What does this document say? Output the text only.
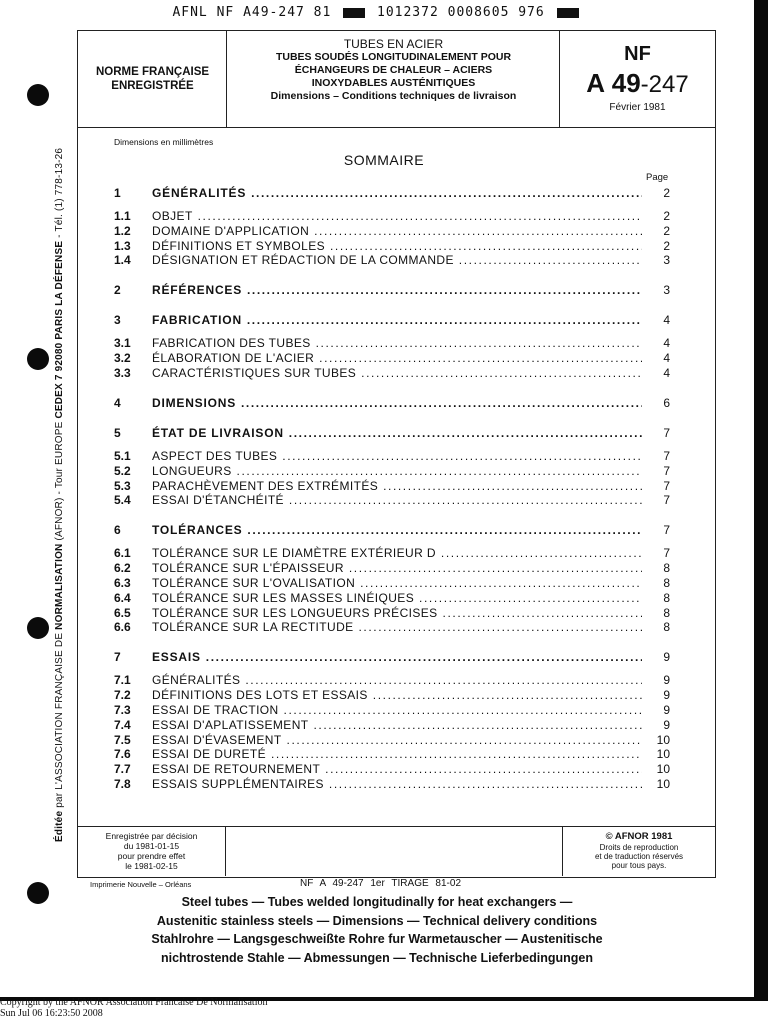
AFNL NF A49-247 81	1012372 0008605 976
Éditée par L'ASSOCIATION FRANÇAISE DE NORMALISATION (AFNOR) - Tour EUROPE CEDEX 7 92080 PARIS LA DÉFENSE - Tél. (1) 778-13-26
NORME FRANÇAISE
ENREGISTRÉE
TUBES EN ACIER
TUBES SOUDÉS LONGITUDINALEMENT POUR
ÉCHANGEURS DE CHALEUR – ACIERS
INOXYDABLES AUSTÉNITIQUES
Dimensions – Conditions techniques de livraison
NF
A 49-247
Février 1981
Dimensions en millimètres
SOMMAIRE
Page
1	GÉNÉRALITÉS .....	2
1.1 OBJET .....	2
1.2 DOMAINE D'APPLICATION .....	2
1.3 DÉFINITIONS ET SYMBOLES .....	2
1.4 DÉSIGNATION ET RÉDACTION DE LA COMMANDE .....	3
2	RÉFÉRENCES .....	3
3	FABRICATION .....	4
3.1 FABRICATION DES TUBES .....	4
3.2 ÉLABORATION DE L'ACIER .....	4
3.3 CARACTÉRISTIQUES SUR TUBES .....	4
4	DIMENSIONS .....	6
5	ÉTAT DE LIVRAISON .....	7
5.1 ASPECT DES TUBES .....	7
5.2 LONGUEURS .....	7
5.3 PARACHÈVEMENT DES EXTRÉMITÉS .....	7
5.4 ESSAI D'ÉTANCHÉITÉ .....	7
6	TOLÉRANCES .....	7
6.1 TOLÉRANCE SUR LE DIAMÈTRE EXTÉRIEUR D .....	7
6.2 TOLÉRANCE SUR L'ÉPAISSEUR .....	8
6.3 TOLÉRANCE SUR L'OVALISATION .....	8
6.4 TOLÉRANCE SUR LES MASSES LINÉIQUES .....	8
6.5 TOLÉRANCE SUR LES LONGUEURS PRÉCISES .....	8
6.6 TOLÉRANCE SUR LA RECTITUDE .....	8
7	ESSAIS .....	9
7.1 GÉNÉRALITÉS .....	9
7.2 DÉFINITIONS DES LOTS ET ESSAIS .....	9
7.3 ESSAI DE TRACTION .....	9
7.4 ESSAI D'APLATISSEMENT .....	9
7.5 ESSAI D'ÉVASEMENT .....	10
7.6 ESSAI DE DURETÉ .....	10
7.7 ESSAI DE RETOURNEMENT .....	10
7.8 ESSAIS SUPPLÉMENTAIRES .....	10
Enregistrée par décision
du 1981-01-15
pour prendre effet
le 1981-02-15
© AFNOR 1981
Droits de reproduction
et de traduction réservés
pour tous pays.
Imprimerie Nouvelle – Orléans	NF A 49-247 1er TIRAGE 81-02
Steel tubes — Tubes welded longitudinally for heat exchangers —
Austenitic stainless steels — Dimensions — Technical delivery conditions
Stahlrohre — Langsgeschweißte Rohre fur Warmetauscher — Austenitische
nichtrostende Stahle — Abmessungen — Technische Lieferbedingungen
Copyright by the AFNOR Association Francaise De Normalisation
Sun Jul 06 16:23:50 2008
